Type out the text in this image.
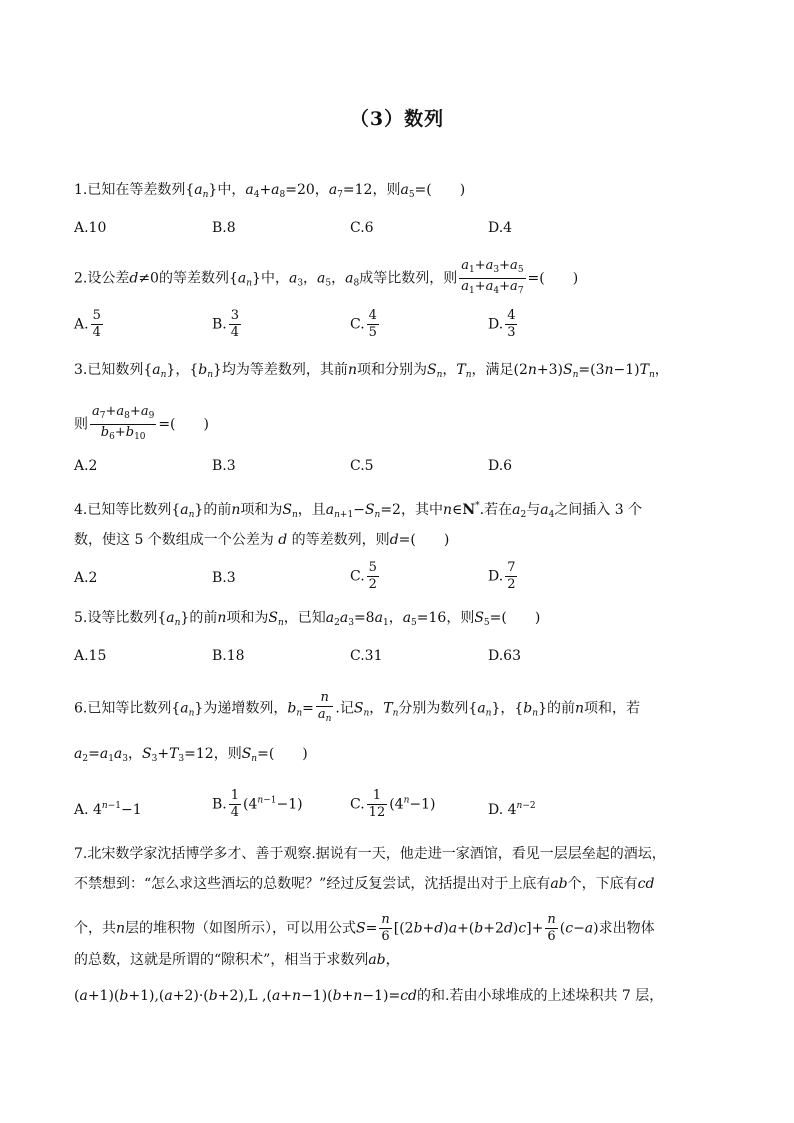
（3）数列
1.已知在等差数列$\{a_n\}$中，$a_4+a_8=20$，$a_7=12$，则$a_5=$(　　)
A.10	B.8	C.6	D.4
2.设公差d≠0的等差数列$\{a_n\}$中，$a_3$，$a_5$，$a_8$成等比数列，则 $\frac{a_1+a_3+a_5}{a_1+a_4+a_7}$ =(　　)
A. $\frac{5}{4}$	B. $\frac{3}{4}$	C. $\frac{4}{5}$	D. $\frac{4}{3}$
3.已知数列$\{a_n\}$，$\{b_n\}$均为等差数列，其前n项和分别为$S_n$，$T_n$，满足$(2n+3)S_n=(3n-1)T_n$，
则 $\frac{a_7+a_8+a_9}{b_6+b_{10}}$ =(　　)
A.2	B.3	C.5	D.6
4.已知等比数列$\{a_n\}$的前n项和为$S_n$，且$a_{n+1}-S_n=2$，其中n∈N*.若在$a_2$与$a_4$之间插入 3 个
数，使这 5 个数组成一个公差为 d 的等差数列，则d=(　　)
A.2	B.3	C. $\frac{5}{2}$	D. $\frac{7}{2}$
5.设等比数列$\{a_n\}$的前n项和为$S_n$，已知$a_2a_3=8a_1$，$a_5=16$，则$S_5=$(　　)
A.15	B.18	C.31	D.63
6.已知等比数列$\{a_n\}$为递增数列，$b_n= \frac{n}{a_n}$ .记$S_n$，$T_n$分别为数列$\{a_n\}$，$\{b_n\}$的前n项和，若
$a_2=a_1a_3$，$S_3+T_3=12$，则$S_n=$(　　)
A. $4^{n-1}-1$	B. $\frac{1}{4} (4^{n-1}-1)$	C. $\frac{1}{12} (4^n-1)$	D. $4^{n-2}$
7.北宋数学家沈括博学多才、善于观察.据说有一天，他走进一家酒馆，看见一层层垒起的酒坛，
不禁想到：“怎么求这些酒坛的总数呢？”经过反复尝试，沈括提出对于上底有ab个，下底有cd
个，共n层的堆积物（如图所示），可以用公式$S= \frac{n}{6} [(2b+d)a+(b+2d)c]+ \frac{n}{6} (c-a)$求出物体
的总数，这就是所谓的“隙积术”，相当于求数列ab，
(a+1)(b+1),(a+2)·(b+2),L ,(a+n−1)(b+n−1)=cd的和.若由小球堆成的上述垛积共 7 层，
